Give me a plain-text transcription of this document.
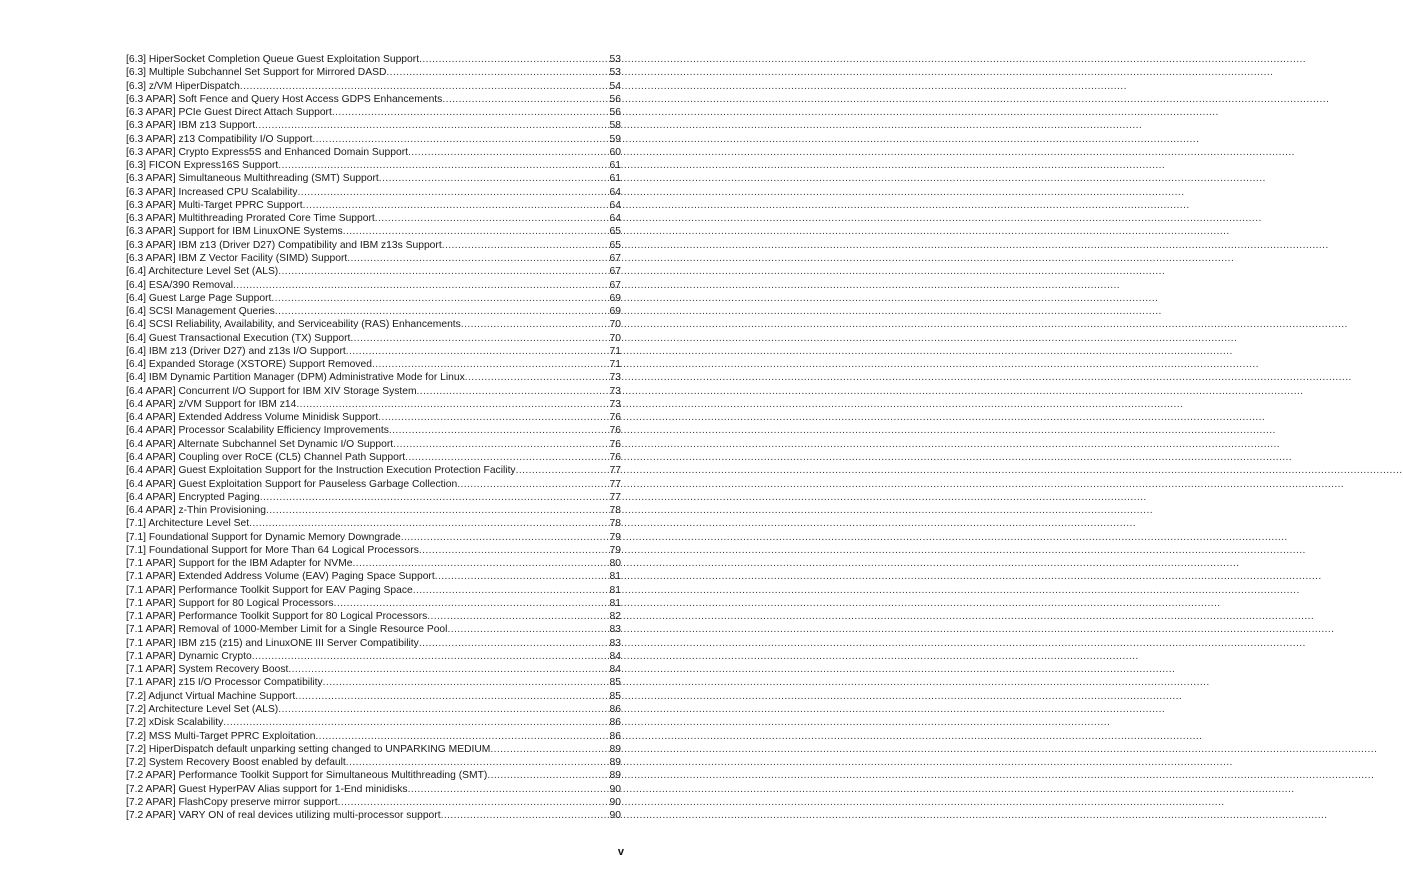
[6.3] HiperSocket Completion Queue Guest Exploitation Support .....	53
[6.3] Multiple Subchannel Set Support for Mirrored DASD .....	53
[6.3] z/VM HiperDispatch .....	54
[6.3 APAR] Soft Fence and Query Host Access GDPS Enhancements .....	56
[6.3 APAR] PCIe Guest Direct Attach Support .....	56
[6.3 APAR] IBM z13 Support .....	58
[6.3 APAR] z13 Compatibility I/O Support .....	59
[6.3 APAR] Crypto Express5S and Enhanced Domain Support .....	60
[6.3] FICON Express16S Support .....	61
[6.3 APAR] Simultaneous Multithreading (SMT) Support .....	61
[6.3 APAR] Increased CPU Scalability .....	64
[6.3 APAR] Multi-Target PPRC Support .....	64
[6.3 APAR] Multithreading Prorated Core Time Support .....	64
[6.3 APAR] Support for IBM LinuxONE Systems .....	65
[6.3 APAR] IBM z13 (Driver D27) Compatibility and IBM z13s Support .....	65
[6.3 APAR] IBM Z Vector Facility (SIMD) Support .....	67
[6.4] Architecture Level Set (ALS) .....	67
[6.4] ESA/390 Removal .....	67
[6.4] Guest Large Page Support .....	69
[6.4] SCSI Management Queries .....	69
[6.4] SCSI Reliability, Availability, and Serviceability (RAS) Enhancements .....	70
[6.4] Guest Transactional Execution (TX) Support .....	70
[6.4] IBM z13 (Driver D27) and z13s I/O Support .....	71
[6.4] Expanded Storage (XSTORE) Support Removed .....	71
[6.4] IBM Dynamic Partition Manager (DPM) Administrative Mode for Linux .....	73
[6.4 APAR] Concurrent I/O Support for IBM XIV Storage System .....	73
[6.4 APAR] z/VM Support for IBM z14 .....	73
[6.4 APAR] Extended Address Volume Minidisk Support .....	76
[6.4 APAR] Processor Scalability Efficiency Improvements .....	76
[6.4 APAR] Alternate Subchannel Set Dynamic I/O Support .....	76
[6.4 APAR] Coupling over RoCE (CL5) Channel Path Support .....	76
[6.4 APAR] Guest Exploitation Support for the Instruction Execution Protection Facility .....	77
[6.4 APAR] Guest Exploitation Support for Pauseless Garbage Collection .....	77
[6.4 APAR] Encrypted Paging .....	77
[6.4 APAR] z-Thin Provisioning .....	78
[7.1] Architecture Level Set .....	78
[7.1] Foundational Support for Dynamic Memory Downgrade .....	79
[7.1] Foundational Support for More Than 64 Logical Processors .....	79
[7.1 APAR] Support for the IBM Adapter for NVMe .....	80
[7.1 APAR] Extended Address Volume (EAV) Paging Space Support .....	81
[7.1 APAR] Performance Toolkit Support for EAV Paging Space .....	81
[7.1 APAR] Support for 80 Logical Processors .....	81
[7.1 APAR] Performance Toolkit Support for 80 Logical Processors .....	82
[7.1 APAR] Removal of 1000-Member Limit for a Single Resource Pool .....	83
[7.1 APAR] IBM z15 (z15) and LinuxONE III Server Compatibility .....	83
[7.1 APAR] Dynamic Crypto .....	84
[7.1 APAR] System Recovery Boost .....	84
[7.1 APAR] z15 I/O Processor Compatibility .....	85
[7.2] Adjunct Virtual Machine Support .....	85
[7.2] Architecture Level Set (ALS) .....	86
[7.2] xDisk Scalability .....	86
[7.2] MSS Multi-Target PPRC Exploitation .....	86
[7.2] HiperDispatch default unparking setting changed to UNPARKING MEDIUM .....	89
[7.2] System Recovery Boost enabled by default .....	89
[7.2 APAR] Performance Toolkit Support for Simultaneous Multithreading (SMT) .....	89
[7.2 APAR] Guest HyperPAV Alias support for 1-End minidisks .....	90
[7.2 APAR] FlashCopy preserve mirror support .....	90
[7.2 APAR] VARY ON of real devices utilizing multi-processor support .....	90
v
